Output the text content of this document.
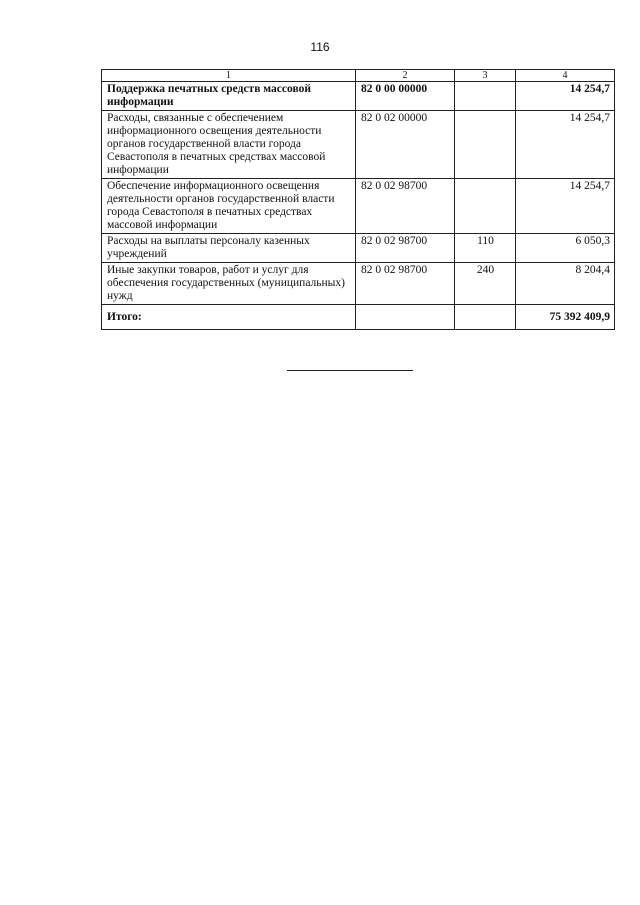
116
1	2	3	4
Поддержка печатных средств массовой информации	82 0 00 00000		14 254,7
Расходы, связанные с обеспечением информационного освещения деятельности органов государственной власти города Севастополя в печатных средствах массовой информации	82 0 02 00000		14 254,7
Обеспечение информационного освещения деятельности органов государственной власти города Севастополя в печатных средствах массовой информации	82 0 02 98700		14 254,7
Расходы на выплаты персоналу казенных учреждений	82 0 02 98700	110	6 050,3
Иные закупки товаров, работ и услуг для обеспечения государственных (муниципальных) нужд	82 0 02 98700	240	8 204,4
Итого:			75 392 409,9
